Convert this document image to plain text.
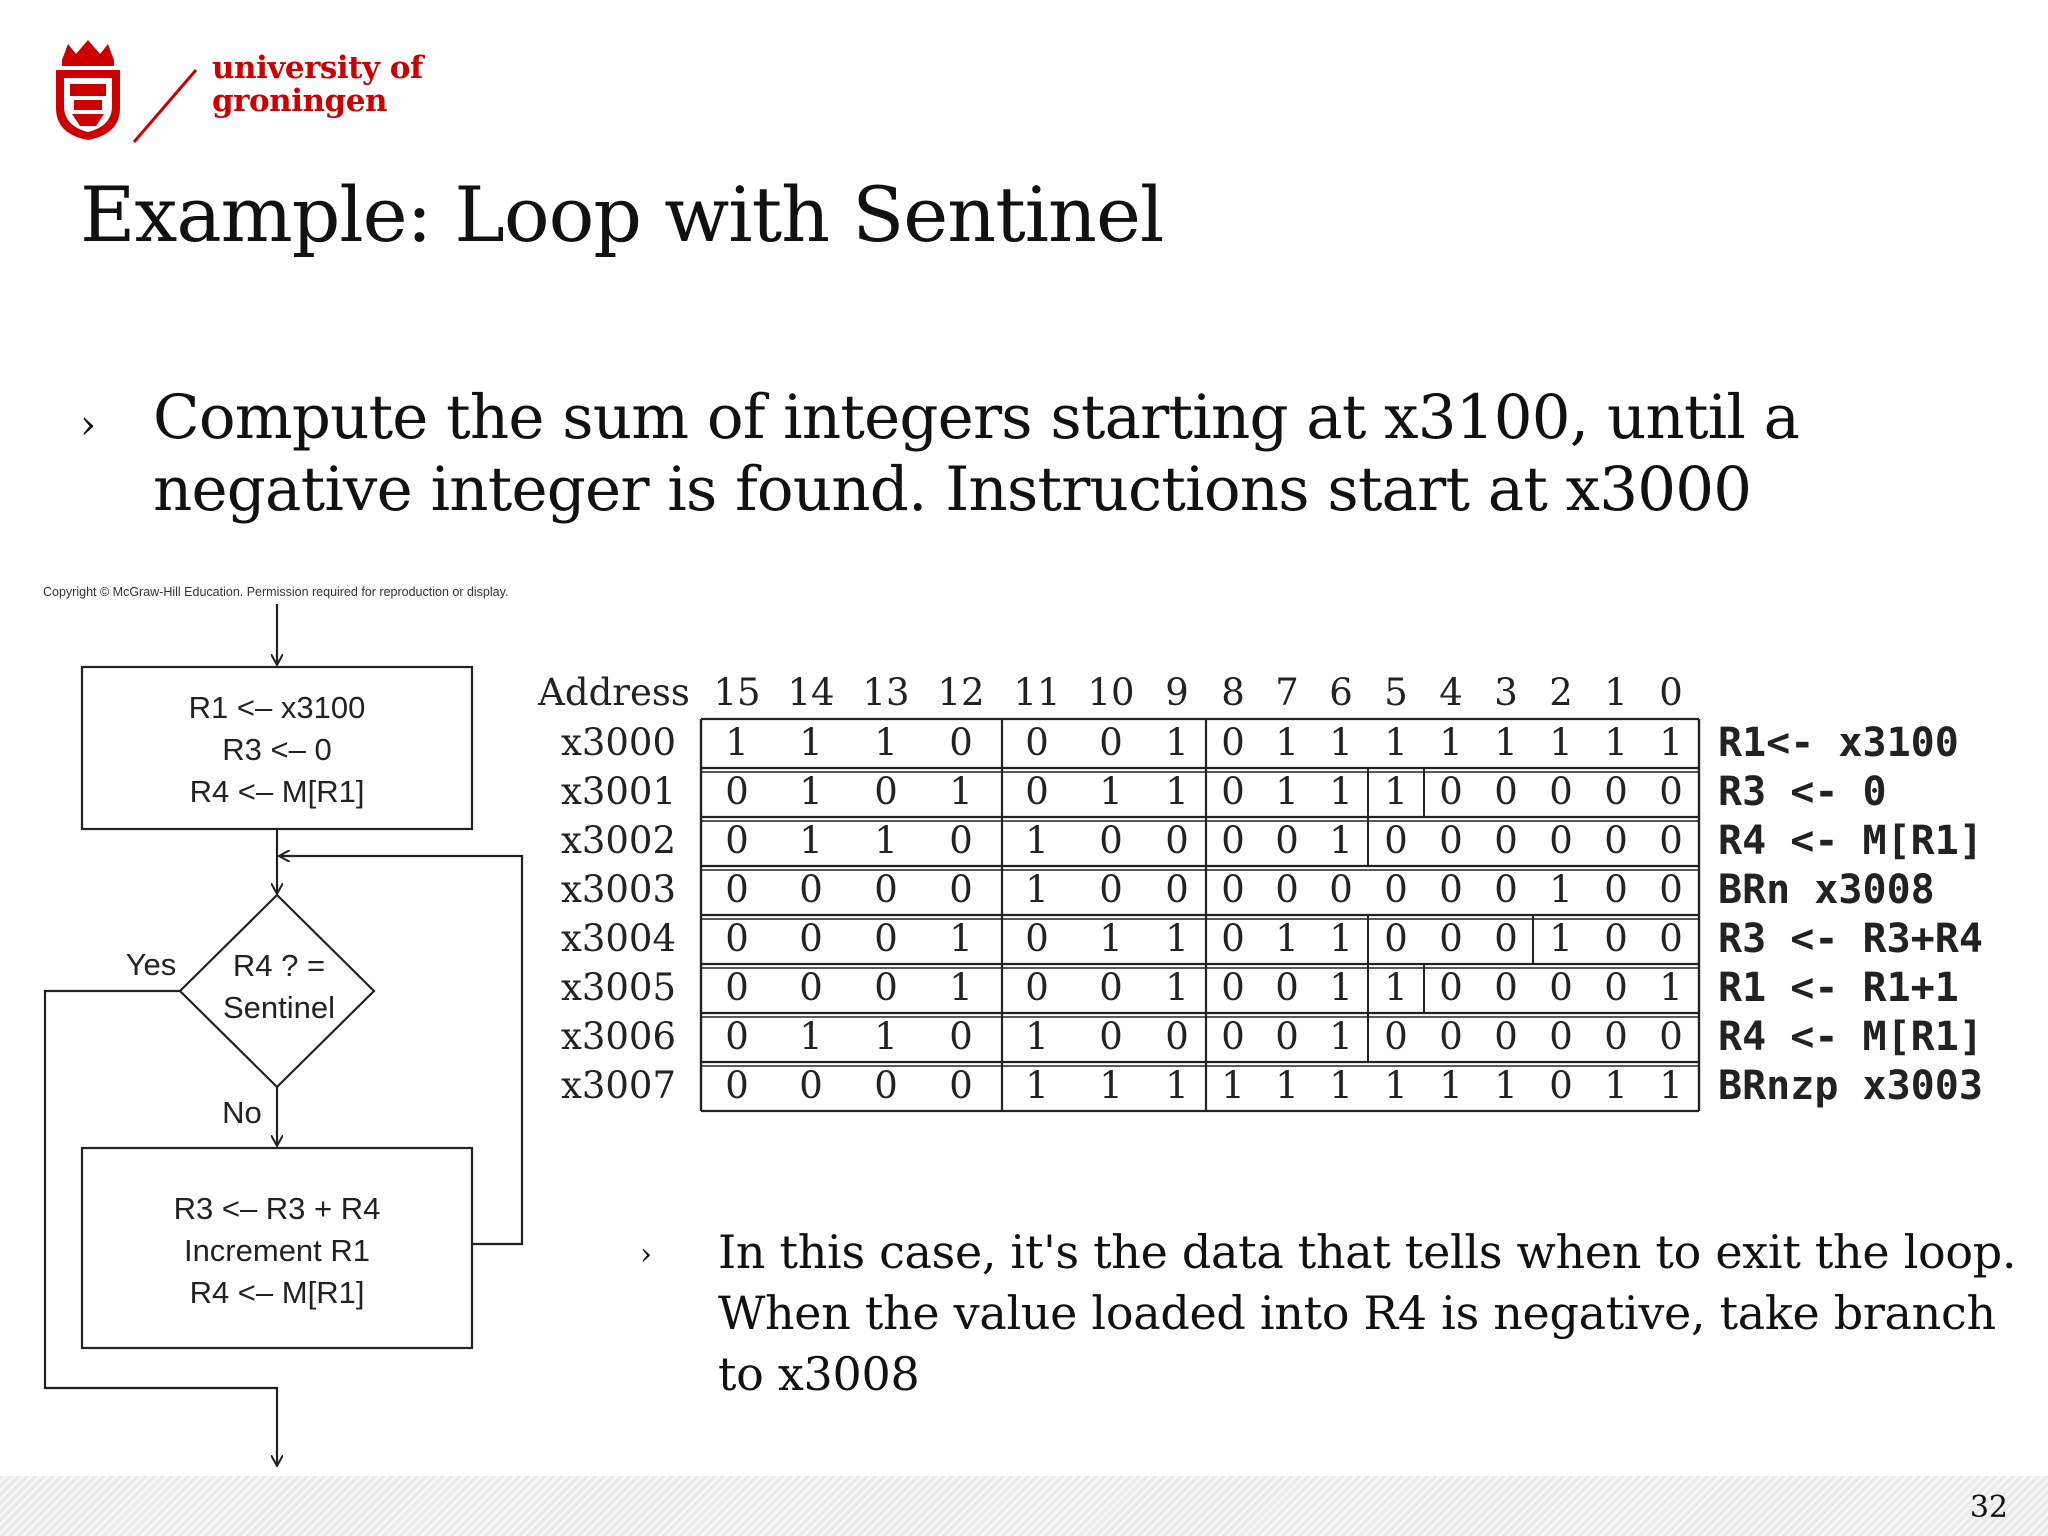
university of
groningen
Example: Loop with Sentinel
› Compute the sum of integers starting at x3100, until a negative integer is found. Instructions start at x3000
Copyright © McGraw-Hill Education. Permission required for reproduction or display.
R1 <– x3100
R3 <– 0
R4 <– M[R1]
R4 ? =
Sentinel
Yes
No
R3 <– R3 + R4
Increment R1
R4 <– M[R1]
Address 15 14 13 12 11 10 9 8 7 6 5 4 3 2 1 0
x3000
x3001
x3002
x3003
x3004
x3005
x3006
x3007
1 1 1 0 0 0 1 0 1 1 1 1 1 1 1 1
0 1 0 1 0 1 1 0 1 1 1 0 0 0 0 0
0 1 1 0 1 0 0 0 0 1 0 0 0 0 0 0
0 0 0 0 1 0 0 0 0 0 0 0 0 1 0 0
0 0 0 1 0 1 1 0 1 1 0 0 0 1 0 0
0 0 0 1 0 0 1 0 0 1 1 0 0 0 0 1
0 1 1 0 1 0 0 0 0 1 0 0 0 0 0 0
0 0 0 0 1 1 1 1 1 1 1 1 1 0 1 1
R1<- x3100
R3 <- 0
R4 <- M[R1]
BRn x3008
R3 <- R3+R4
R1 <- R1+1
R4 <- M[R1]
BRnzp x3003
› In this case, it's the data that tells when to exit the loop. When the value loaded into R4 is negative, take branch to x3008
32
